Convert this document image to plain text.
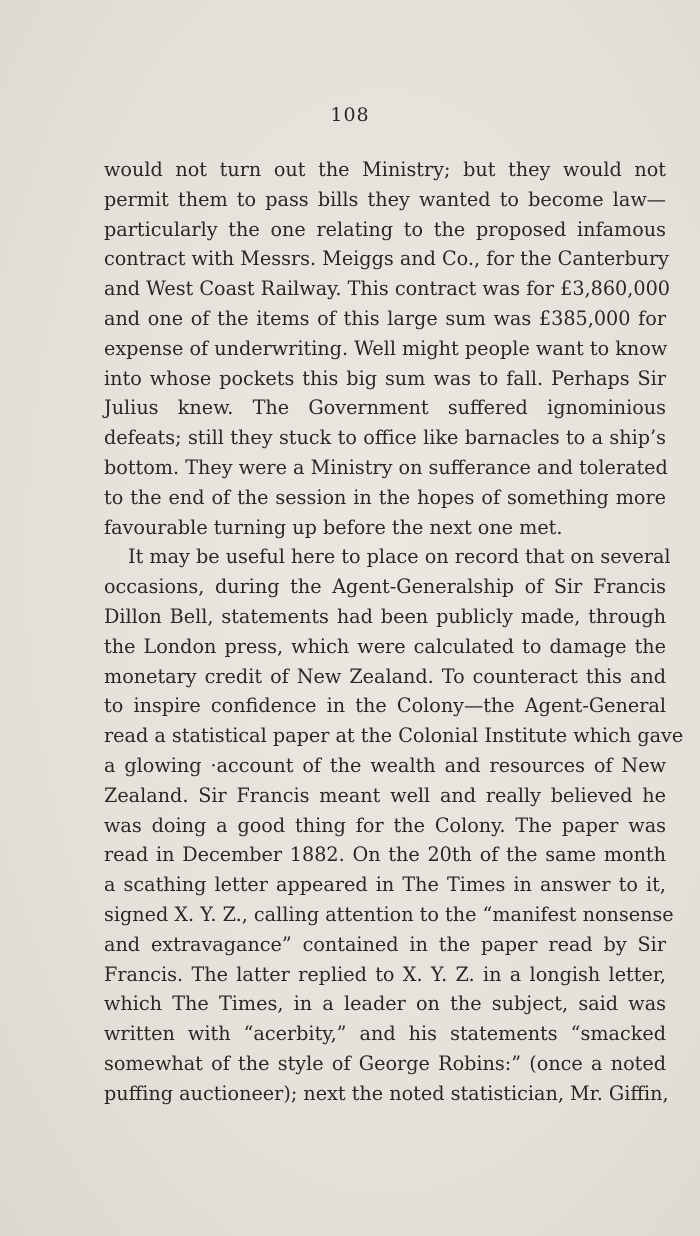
108
would not turn out the Ministry; but they would not
permit them to pass bills they wanted to become law—
particularly the one relating to the proposed infamous
contract with Messrs. Meiggs and Co., for the Canterbury
and West Coast Railway. This contract was for £3,860,000
and one of the items of this large sum was £385,000 for
expense of underwriting. Well might people want to know
into whose pockets this big sum was to fall. Perhaps Sir
Julius knew. The Government suffered ignominious
defeats; still they stuck to office like barnacles to a ship’s
bottom. They were a Ministry on sufferance and tolerated
to the end of the session in the hopes of something more
favourable turning up before the next one met.
It may be useful here to place on record that on several
occasions, during the Agent-Generalship of Sir Francis
Dillon Bell, statements had been publicly made, through
the London press, which were calculated to damage the
monetary credit of New Zealand. To counteract this and
to inspire confidence in the Colony—the Agent-General
read a statistical paper at the Colonial Institute which gave
a glowing ·account of the wealth and resources of New
Zealand. Sir Francis meant well and really believed he
was doing a good thing for the Colony. The paper was
read in December 1882. On the 20th of the same month
a scathing letter appeared in The Times in answer to it,
signed X. Y. Z., calling attention to the “manifest nonsense
and extravagance” contained in the paper read by Sir
Francis. The latter replied to X. Y. Z. in a longish letter,
which The Times, in a leader on the subject, said was
written with “acerbity,” and his statements “smacked
somewhat of the style of George Robins:” (once a noted
puffing auctioneer); next the noted statistician, Mr. Giffin,
